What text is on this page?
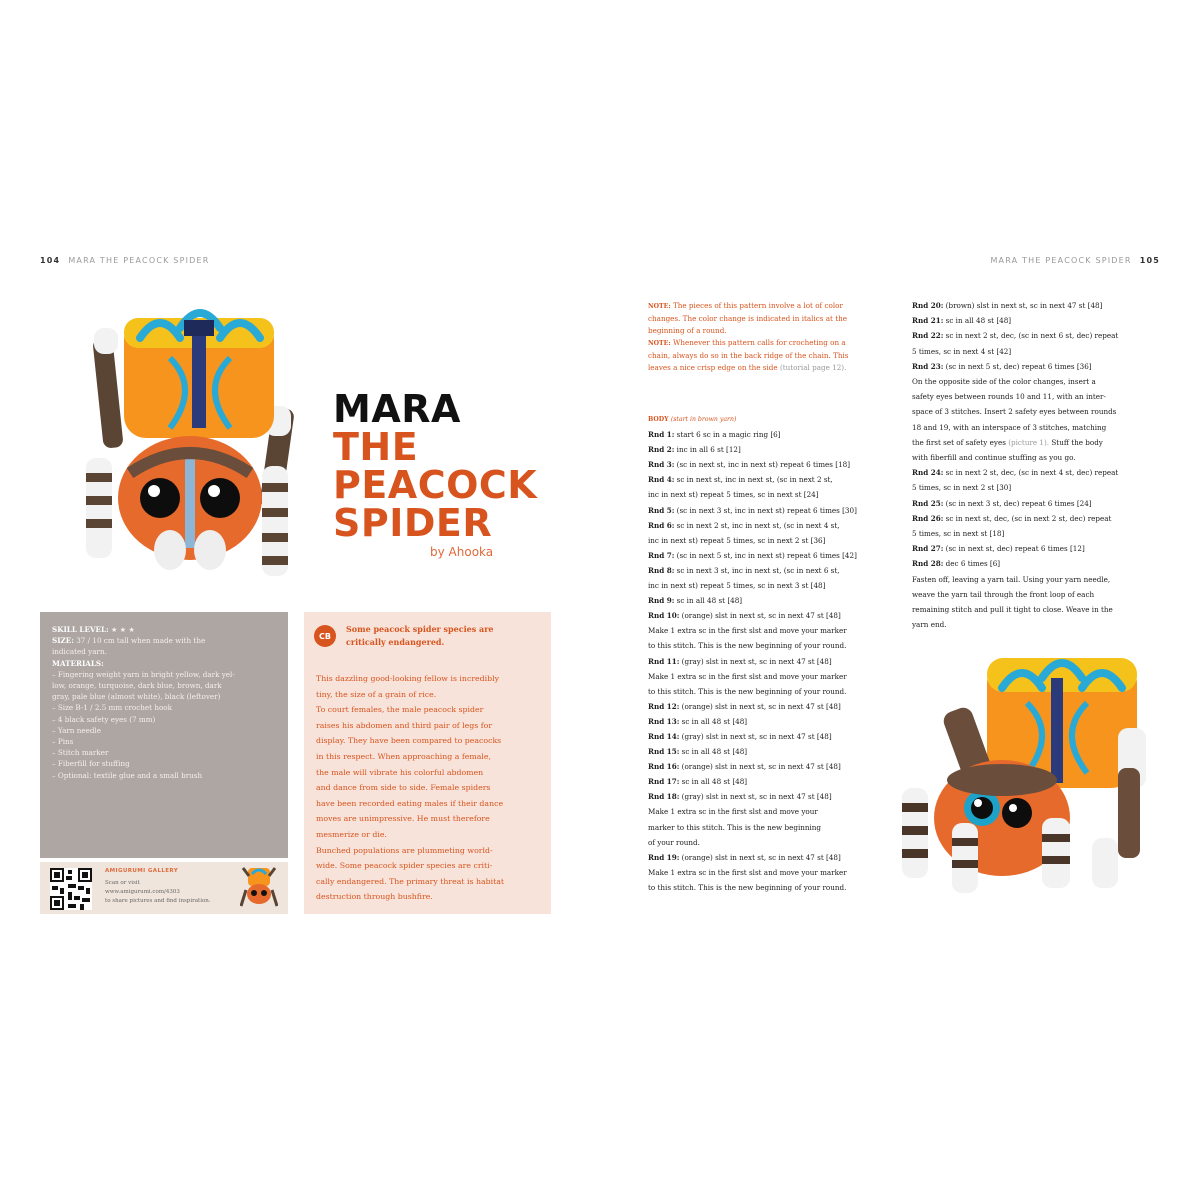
104 MARA THE PEACOCK SPIDER	MARA THE PEACOCK SPIDER 105
MARA
THE
PEACOCK
SPIDER
by Ahooka
SKILL LEVEL: ★ ★ ★
SIZE: 37 / 10 cm tall when made with the
indicated yarn.
MATERIALS:
– Fingering weight yarn in bright yellow, dark yel-
low, orange, turquoise, dark blue, brown, dark
gray, pale blue (almost white), black (leftover)
– Size B-1 / 2.5 mm crochet hook
– 4 black safety eyes (7 mm)
– Yarn needle
– Pins
– Stitch marker
– Fiberfill for stuffing
– Optional: textile glue and a small brush
AMIGURUMI GALLERY
Scan or visit
www.amigurumi.com/4303
to share pictures and find inspiration.
CB
Some peacock spider species are
critically endangered.
This dazzling good-looking fellow is incredibly
tiny, the size of a grain of rice.
To court females, the male peacock spider
raises his abdomen and third pair of legs for
display. They have been compared to peacocks
in this respect. When approaching a female,
the male will vibrate his colorful abdomen
and dance from side to side. Female spiders
have been recorded eating males if their dance
moves are unimpressive. He must therefore
mesmerize or die.
Bunched populations are plummeting world-
wide. Some peacock spider species are criti-
cally endangered. The primary threat is habitat
destruction through bushfire.
NOTE: The pieces of this pattern involve a lot of color
changes. The color change is indicated in italics at the
beginning of a round.
NOTE: Whenever this pattern calls for crocheting on a
chain, always do so in the back ridge of the chain. This
leaves a nice crisp edge on the side (tutorial page 12).
BODY (start in brown yarn)
Rnd 1: start 6 sc in a magic ring [6]
Rnd 2: inc in all 6 st [12]
Rnd 3: (sc in next st, inc in next st) repeat 6 times [18]
Rnd 4: sc in next st, inc in next st, (sc in next 2 st,
inc in next st) repeat 5 times, sc in next st [24]
Rnd 5: (sc in next 3 st, inc in next st) repeat 6 times [30]
Rnd 6: sc in next 2 st, inc in next st, (sc in next 4 st,
inc in next st) repeat 5 times, sc in next 2 st [36]
Rnd 7: (sc in next 5 st, inc in next st) repeat 6 times [42]
Rnd 8: sc in next 3 st, inc in next st, (sc in next 6 st,
inc in next st) repeat 5 times, sc in next 3 st [48]
Rnd 9: sc in all 48 st [48]
Rnd 10: (orange) slst in next st, sc in next 47 st [48]
Make 1 extra sc in the first slst and move your marker
to this stitch. This is the new beginning of your round.
Rnd 11: (gray) slst in next st, sc in next 47 st [48]
Make 1 extra sc in the first slst and move your marker
to this stitch. This is the new beginning of your round.
Rnd 12: (orange) slst in next st, sc in next 47 st [48]
Rnd 13: sc in all 48 st [48]
Rnd 14: (gray) slst in next st, sc in next 47 st [48]
Rnd 15: sc in all 48 st [48]
Rnd 16: (orange) slst in next st, sc in next 47 st [48]
Rnd 17: sc in all 48 st [48]
Rnd 18: (gray) slst in next st, sc in next 47 st [48]
Make 1 extra sc in the first slst and move your
marker to this stitch. This is the new beginning
of your round.
Rnd 19: (orange) slst in next st, sc in next 47 st [48]
Make 1 extra sc in the first slst and move your marker
to this stitch. This is the new beginning of your round.
Rnd 20: (brown) slst in next st, sc in next 47 st [48]
Rnd 21: sc in all 48 st [48]
Rnd 22: sc in next 2 st, dec, (sc in next 6 st, dec) repeat
5 times, sc in next 4 st [42]
Rnd 23: (sc in next 5 st, dec) repeat 6 times [36]
On the opposite side of the color changes, insert a
safety eyes between rounds 10 and 11, with an inter-
space of 3 stitches. Insert 2 safety eyes between rounds
18 and 19, with an interspace of 3 stitches, matching
the first set of safety eyes (picture 1). Stuff the body
with fiberfill and continue stuffing as you go.
Rnd 24: sc in next 2 st, dec, (sc in next 4 st, dec) repeat
5 times, sc in next 2 st [30]
Rnd 25: (sc in next 3 st, dec) repeat 6 times [24]
Rnd 26: sc in next st, dec, (sc in next 2 st, dec) repeat
5 times, sc in next st [18]
Rnd 27: (sc in next st, dec) repeat 6 times [12]
Rnd 28: dec 6 times [6]
Fasten off, leaving a yarn tail. Using your yarn needle,
weave the yarn tail through the front loop of each
remaining stitch and pull it tight to close. Weave in the
yarn end.
